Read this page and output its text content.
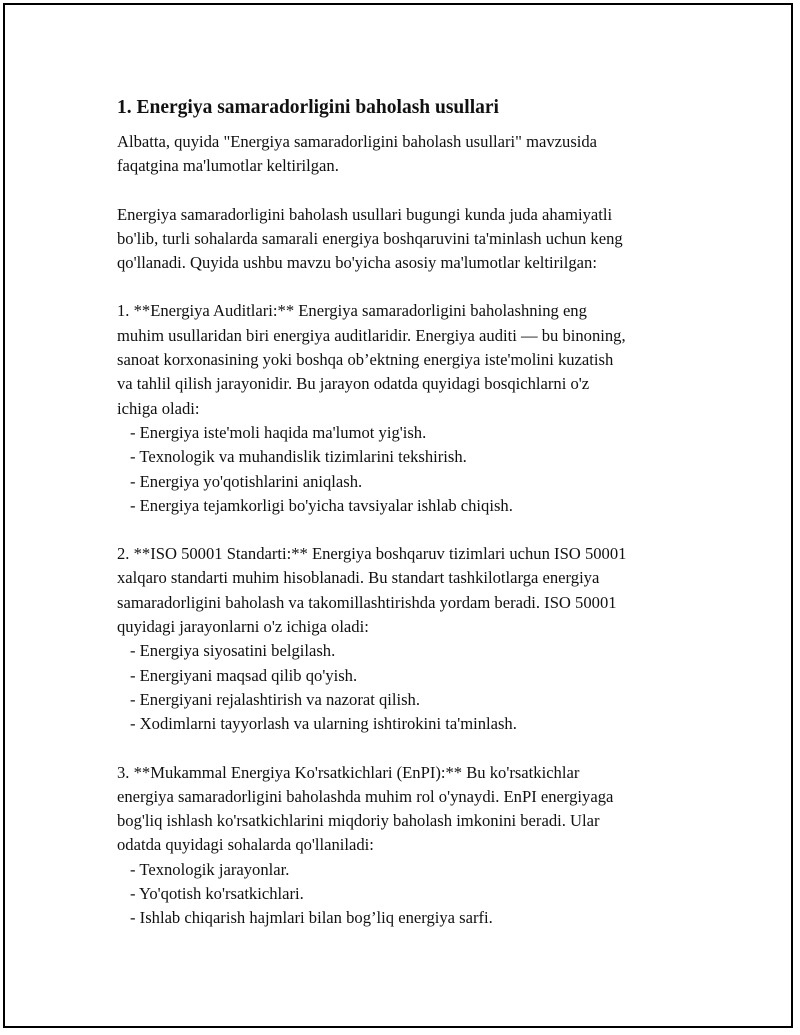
1. Energiya samaradorligini baholash usullari

Albatta, quyida "Energiya samaradorligini baholash usullari" mavzusida

faqatgina ma'lumotlar keltirilgan.

Energiya samaradorligini baholash usullari bugungi kunda juda ahamiyatli

bo'lib, turli sohalarda samarali energiya boshqaruvini ta'minlash uchun keng

qo'llanadi. Quyida ushbu mavzu bo'yicha asosiy ma'lumotlar keltirilgan:

1. **Energiya Auditlari:** Energiya samaradorligini baholashning eng

muhim usullaridan biri energiya auditlaridir. Energiya auditi — bu binoning,

sanoat korxonasining yoki boshqa ob’ektning energiya iste'molini kuzatish

va tahlil qilish jarayonidir. Bu jarayon odatda quyidagi bosqichlarni o'z

ichiga oladi:

- Energiya iste'moli haqida ma'lumot yig'ish.

- Texnologik va muhandislik tizimlarini tekshirish.

- Energiya yo'qotishlarini aniqlash.

- Energiya tejamkorligi bo'yicha tavsiyalar ishlab chiqish.

2. **ISO 50001 Standarti:** Energiya boshqaruv tizimlari uchun ISO 50001

xalqaro standarti muhim hisoblanadi. Bu standart tashkilotlarga energiya

samaradorligini baholash va takomillashtirishda yordam beradi. ISO 50001

quyidagi jarayonlarni o'z ichiga oladi:

- Energiya siyosatini belgilash.

- Energiyani maqsad qilib qo'yish.

- Energiyani rejalashtirish va nazorat qilish.

- Xodimlarni tayyorlash va ularning ishtirokini ta'minlash.

3. **Mukammal Energiya Ko'rsatkichlari (EnPI):** Bu ko'rsatkichlar

energiya samaradorligini baholashda muhim rol o'ynaydi. EnPI energiyaga

bog'liq ishlash ko'rsatkichlarini miqdoriy baholash imkonini beradi. Ular

odatda quyidagi sohalarda qo'llaniladi:

- Texnologik jarayonlar.

- Yo'qotish ko'rsatkichlari.

- Ishlab chiqarish hajmlari bilan bog’liq energiya sarfi.
